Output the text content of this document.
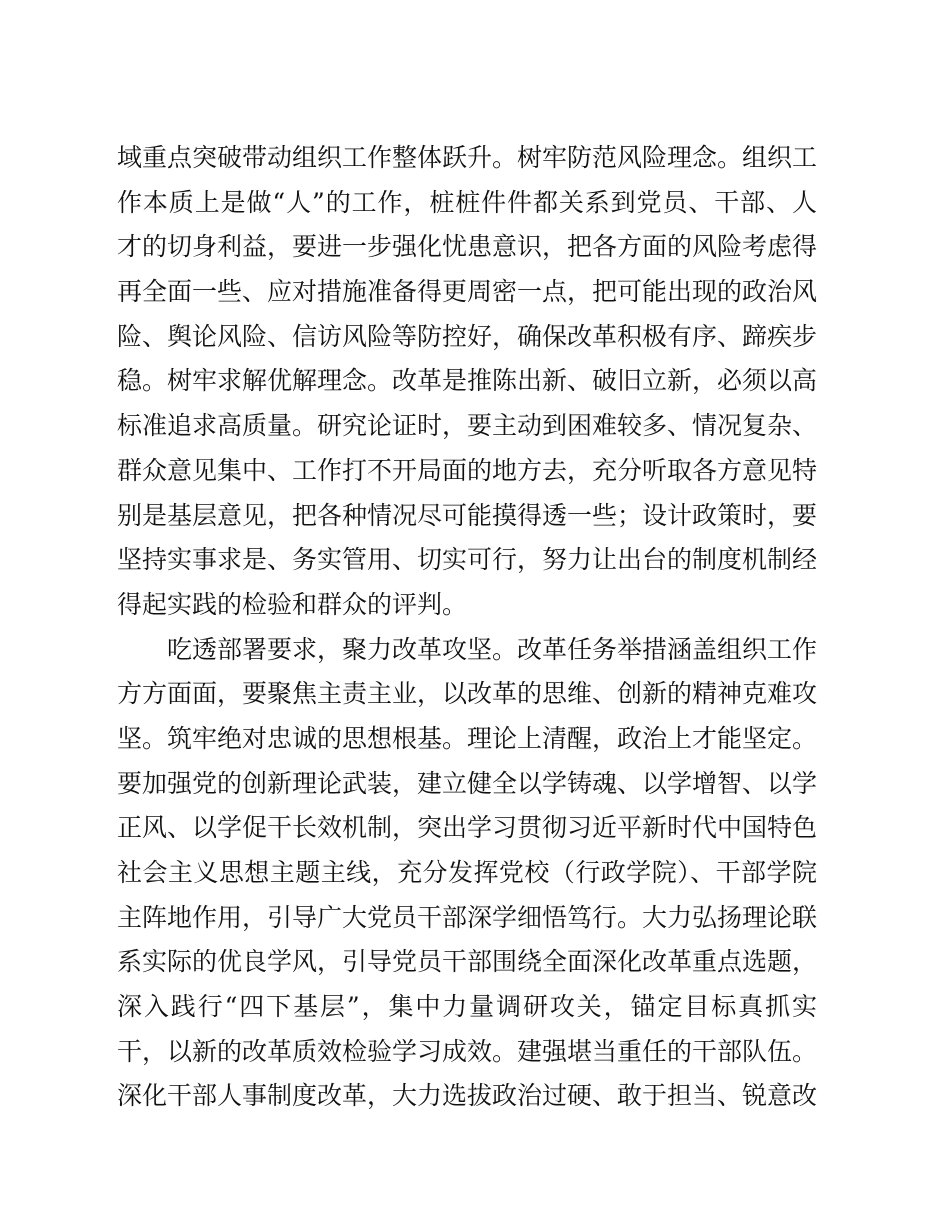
域重点突破带动组织工作整体跃升。树牢防范风险理念。组织工
作本质上是做“人”的工作，桩桩件件都关系到党员、干部、人
才的切身利益，要进一步强化忧患意识，把各方面的风险考虑得
再全面一些、应对措施准备得更周密一点，把可能出现的政治风
险、舆论风险、信访风险等防控好，确保改革积极有序、蹄疾步
稳。树牢求解优解理念。改革是推陈出新、破旧立新，必须以高
标准追求高质量。研究论证时，要主动到困难较多、情况复杂、
群众意见集中、工作打不开局面的地方去，充分听取各方意见特
别是基层意见，把各种情况尽可能摸得透一些；设计政策时，要
坚持实事求是、务实管用、切实可行，努力让出台的制度机制经
得起实践的检验和群众的评判。
吃透部署要求，聚力改革攻坚。改革任务举措涵盖组织工作
方方面面，要聚焦主责主业，以改革的思维、创新的精神克难攻
坚。筑牢绝对忠诚的思想根基。理论上清醒，政治上才能坚定。
要加强党的创新理论武装，建立健全以学铸魂、以学增智、以学
正风、以学促干长效机制，突出学习贯彻习近平新时代中国特色
社会主义思想主题主线，充分发挥党校（行政学院）、干部学院
主阵地作用，引导广大党员干部深学细悟笃行。大力弘扬理论联
系实际的优良学风，引导党员干部围绕全面深化改革重点选题，
深入践行“四下基层”，集中力量调研攻关，锚定目标真抓实
干，以新的改革质效检验学习成效。建强堪当重任的干部队伍。
深化干部人事制度改革，大力选拔政治过硬、敢于担当、锐意改
